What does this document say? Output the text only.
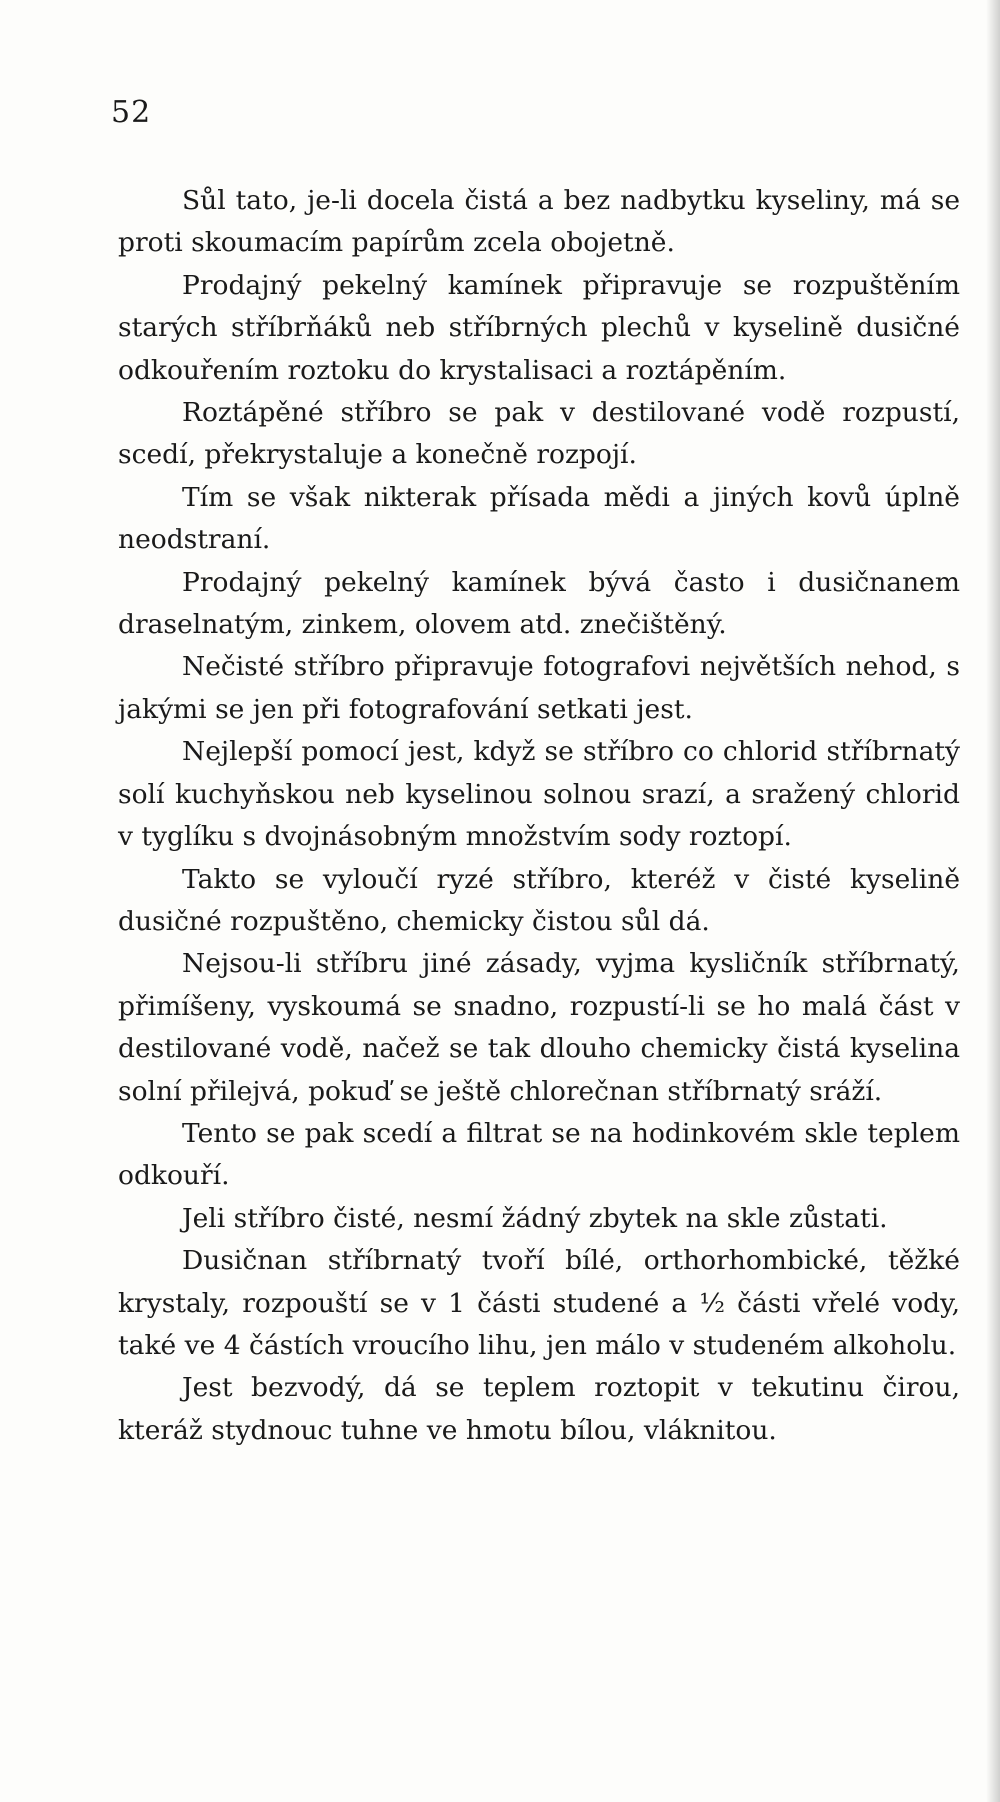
52

Sůl tato, je-li docela čistá a bez nadbytku kyseliny, má se proti skoumacím papírům zcela obojetně.

Prodajný pekelný kamínek připravuje se rozpuštěním starých stříbrňáků neb stříbrných plechů v kyselině dusičné odkouřením roztoku do krystalisaci a roztápěním.

Roztápěné stříbro se pak v destilované vodě rozpustí, scedí, překrystaluje a konečně rozpojí.

Tím se však nikterak přísada mědi a jiných kovů úplně neodstraní.

Prodajný pekelný kamínek bývá často i dusičnanem draselnatým, zinkem, olovem atd. znečištěný.

Nečisté stříbro připravuje fotografovi největších nehod, s jakými se jen při fotografování setkati jest.

Nejlepší pomocí jest, když se stříbro co chlorid stříbrnatý solí kuchyňskou neb kyselinou solnou srazí, a sražený chlorid v tyglíku s dvojnásobným množstvím sody roztopí.

Takto se vyloučí ryzé stříbro, kteréž v čisté kyselině dusičné rozpuštěno, chemicky čistou sůl dá.

Nejsou-li stříbru jiné zásady, vyjma kysličník stříbrnatý, přimíšeny, vyskoumá se snadno, rozpustí-li se ho malá část v destilované vodě, načež se tak dlouho chemicky čistá kyselina solní přilejvá, pokuď se ještě chlorečnan stříbrnatý sráží.

Tento se pak scedí a filtrat se na hodinkovém skle teplem odkouří.

Jeli stříbro čisté, nesmí žádný zbytek na skle zůstati.

Dusičnan stříbrnatý tvoří bílé, orthorhombické, těžké krystaly, rozpouští se v 1 části studené a ½ části vřelé vody, také ve 4 částích vroucího lihu, jen málo v studeném alkoholu.

Jest bezvodý, dá se teplem roztopit v tekutinu čirou, kteráž stydnouc tuhne ve hmotu bílou, vláknitou.
